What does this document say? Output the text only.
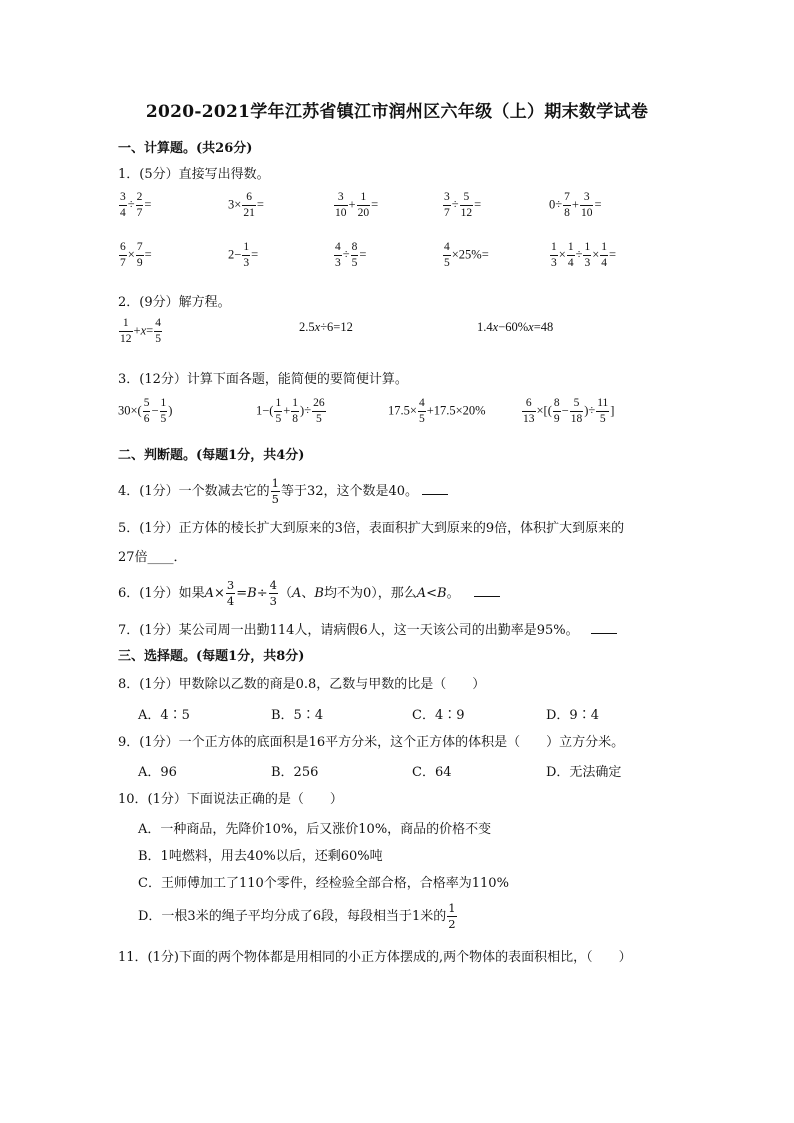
2020-2021学年江苏省镇江市润州区六年级（上）期末数学试卷
一、计算题。(共26分)
1．(5分）直接写出得数。
$\frac{3}{4} \div \frac{2}{7}$ =	$3\times \frac{6}{21}$ =	$\frac{3}{10} + \frac{1}{20}$ =	$\frac{3}{7} \div \frac{5}{12}$ =	$0\div \frac{7}{8} + \frac{3}{10}$ =
$\frac{6}{7} \times \frac{7}{9}$ =	$2- \frac{1}{3}$ =	$\frac{4}{3} \div \frac{8}{5}$ =	$\frac{4}{5} \times 25\%=$	$\frac{1}{3} \times \frac{1}{4} \div \frac{1}{3} \times \frac{1}{4}$ =
2．(9分）解方程。
$\frac{1}{12} +x= \frac{4}{5}$	2.5x÷6=12	1.4x−60%x=48
3．(12分）计算下面各题，能简便的要简便计算。
$30\times( \frac{5}{6} - \frac{1}{5}$ )	$1-( \frac{1}{5} + \frac{1}{8}$ )÷ $\frac{26}{5}$	$17.5\times \frac{4}{5} +17.5\times 20\%$	$\frac{6}{13}$ ×[( $\frac{8}{9} - \frac{5}{18}$ )÷ $\frac{11}{5}$ ]
二、判断题。(每题1分，共4分)
4．(1分）一个数减去它的 $\frac{1}{5}$ 等于32，这个数是40。
5．(1分）正方体的棱长扩大到原来的3倍，表面积扩大到原来的9倍，体积扩大到原来的
27倍____．
6．(1分）如果$A\times \frac{3}{4} =B\div \frac{4}{3} (A$、B均不为0），那么A<B。
7．(1分）某公司周一出勤114人，请病假6人，这一天该公司的出勤率是95%。
三、选择题。(每题1分，共8分)
8．(1分）甲数除以乙数的商是0.8，乙数与甲数的比是（　　）
A．4∶5	B．5∶4	C．4∶9	D．9∶4
9．(1分）一个正方体的底面积是16平方分米，这个正方体的体积是（　　）立方分米。
A．96	B．256	C．64	D．无法确定
10．(1分）下面说法正确的是（　　）
A．一种商品，先降价10%，后又涨价10%，商品的价格不变
B．1吨燃料，用去40%以后，还剩60%吨
C．王师傅加工了110个零件，经检验全部合格，合格率为110%
D．一根3米的绳子平均分成了6段，每段相当于1米的 $\frac{1}{2}$
11．(1分)下面的两个物体都是用相同的小正方体摆成的,两个物体的表面积相比，（　　）
